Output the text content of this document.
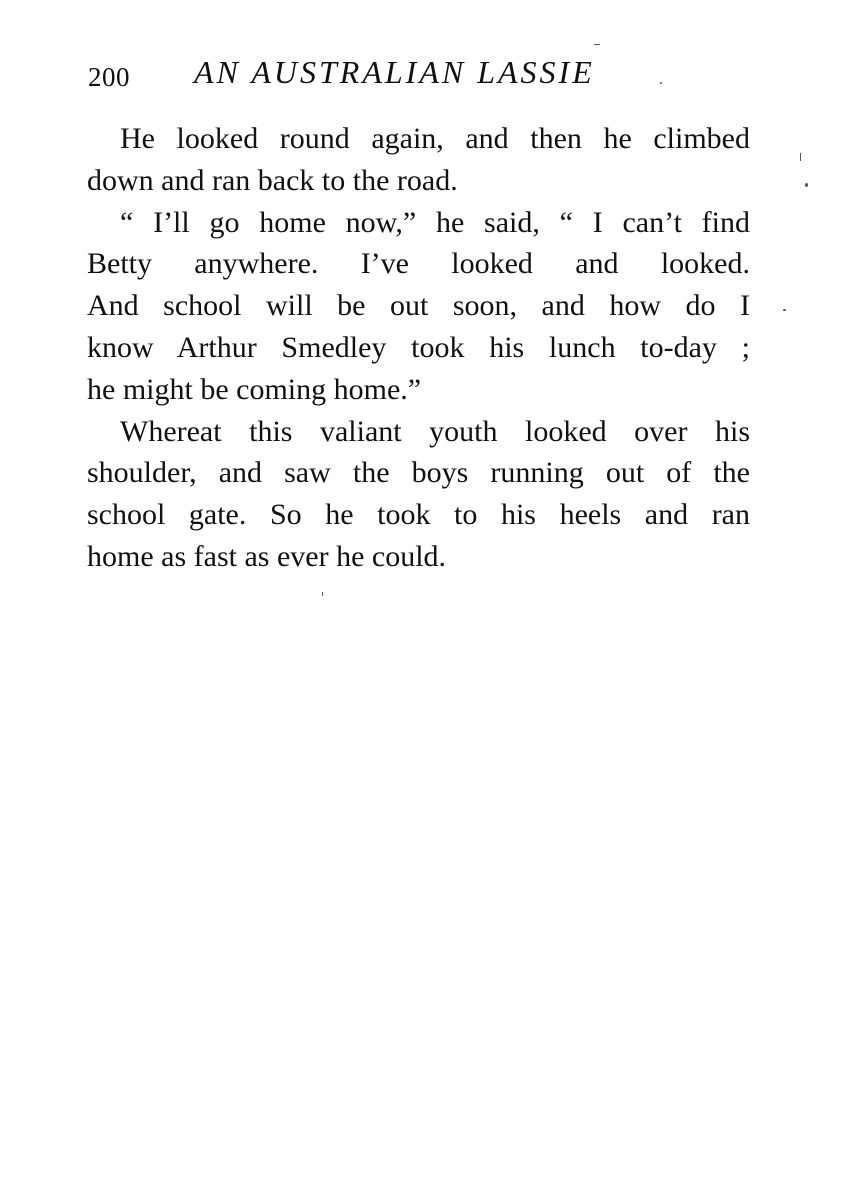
200 AN AUSTRALIAN LASSIE
He looked round again, and then he climbed
down and ran back to the road.
“ I’ll go home now,” he said, “ I can’t find
Betty anywhere. I’ve looked and looked.
And school will be out soon, and how do I
know Arthur Smedley took his lunch to-day ;
he might be coming home.”
Whereat this valiant youth looked over his
shoulder, and saw the boys running out of the
school gate. So he took to his heels and ran
home as fast as ever he could.
